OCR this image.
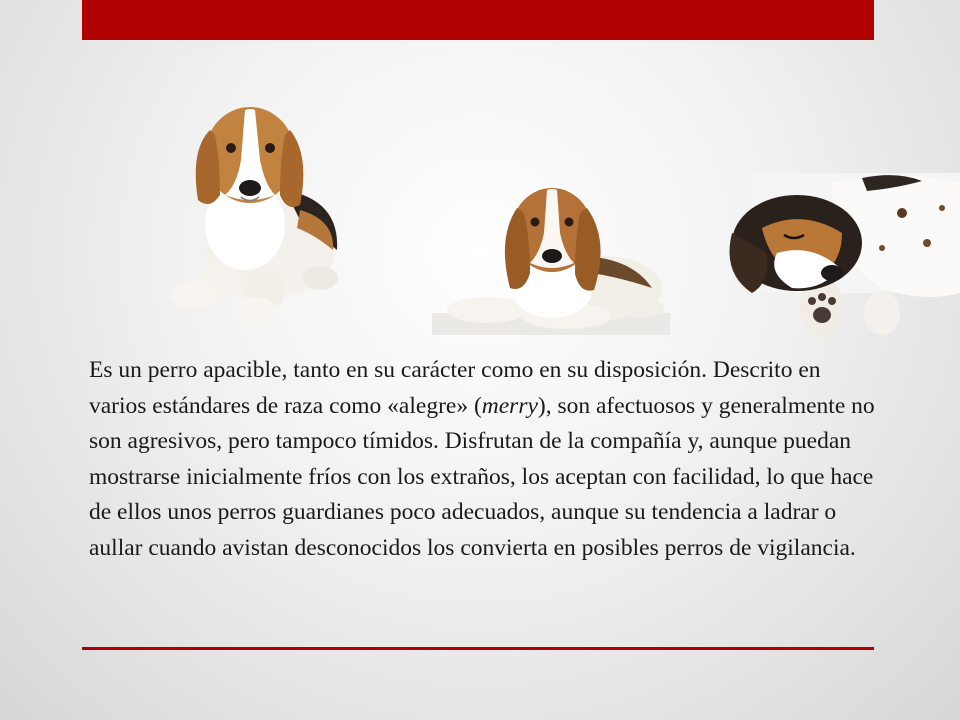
Es un perro apacible, tanto en su carácter como en su disposición. Descrito en varios estándares de raza como «alegre» (merry), son afectuosos y generalmente no son agresivos, pero tampoco tímidos. Disfrutan de la compañía y, aunque puedan mostrarse inicialmente fríos con los extraños, los aceptan con facilidad, lo que hace de ellos unos perros guardianes poco adecuados, aunque su tendencia a ladrar o aullar cuando avistan desconocidos los convierta en posibles perros de vigilancia.
